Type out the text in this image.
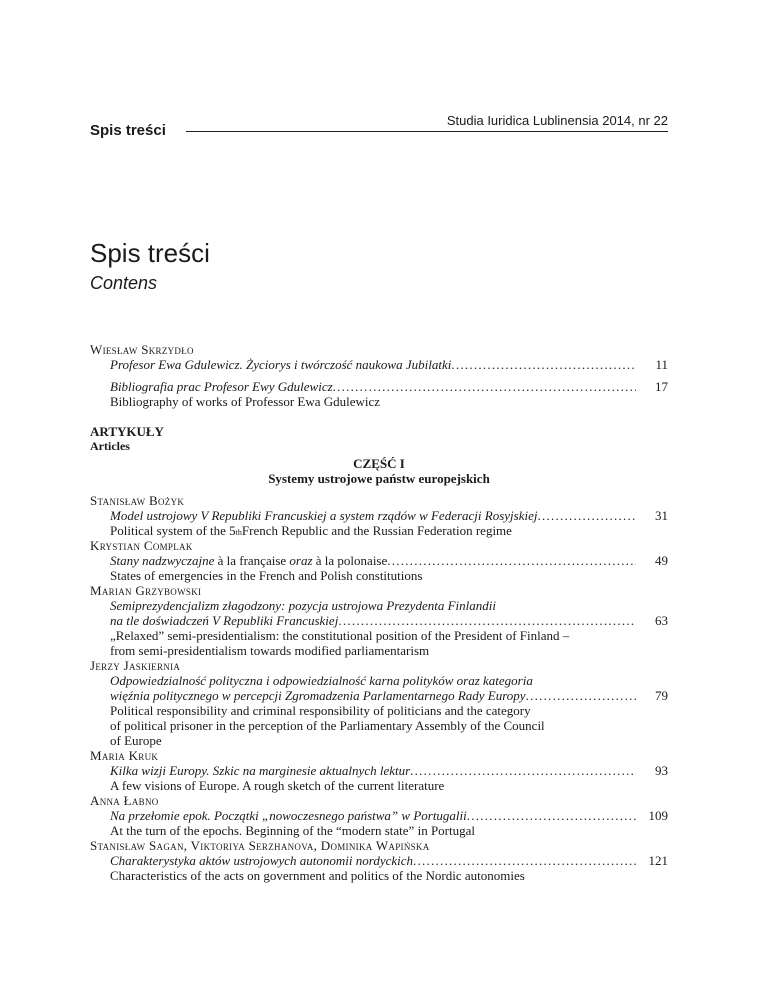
Spis treści
Studia Iuridica Lublinensia 2014, nr 22
Spis treści
Contens
Wiesław Skrzydło
Profesor Ewa Gdulewicz. Życiorys i twórczość naukowa Jubilatki . . .	11
Bibliografia prac Profesor Ewy Gdulewicz . . .	17
Bibliography of works of Professor Ewa Gdulewicz
ARTYKUŁY
Articles
CZĘŚĆ I
Systemy ustrojowe państw europejskich
Stanisław Bożyk
Model ustrojowy V Republiki Francuskiej a system rządów w Federacji Rosyjskiej . . .	31
Political system of the 5 th French Republic and the Russian Federation regime
Krystian Complak
Stany nadzwyczajne à la française oraz à la polonaise . . .	49
States of emergencies in the French and Polish constitutions
Marian Grzybowski
Semiprezydencjalizm złagodzony: pozycja ustrojowa Prezydenta Finlandii
na tle doświadczeń V Republiki Francuskiej . . .	63
„Relaxed” semi-presidentialism: the constitutional position of the President of Finland –
from semi-presidentialism towards modified parliamentarism
Jerzy Jaskiernia
Odpowiedzialność polityczna i odpowiedzialność karna polityków oraz kategoria
więźnia politycznego w percepcji Zgromadzenia Parlamentarnego Rady Europy . . .	79
Political responsibility and criminal responsibility of politicians and the category
of political prisoner in the perception of the Parliamentary Assembly of the Council
of Europe
Maria Kruk
Kilka wizji Europy. Szkic na marginesie aktualnych lektur . . .	93
A few visions of Europe. A rough sketch of the current literature
Anna Łabno
Na przełomie epok. Początki „nowoczesnego państwa” w Portugalii . . .	109
At the turn of the epochs. Beginning of the “modern state” in Portugal
Stanisław Sagan, Viktoriya Serzhanova, Dominika Wapińska
Charakterystyka aktów ustrojowych autonomii nordyckich . . .	121
Characteristics of the acts on government and politics of the Nordic autonomies
